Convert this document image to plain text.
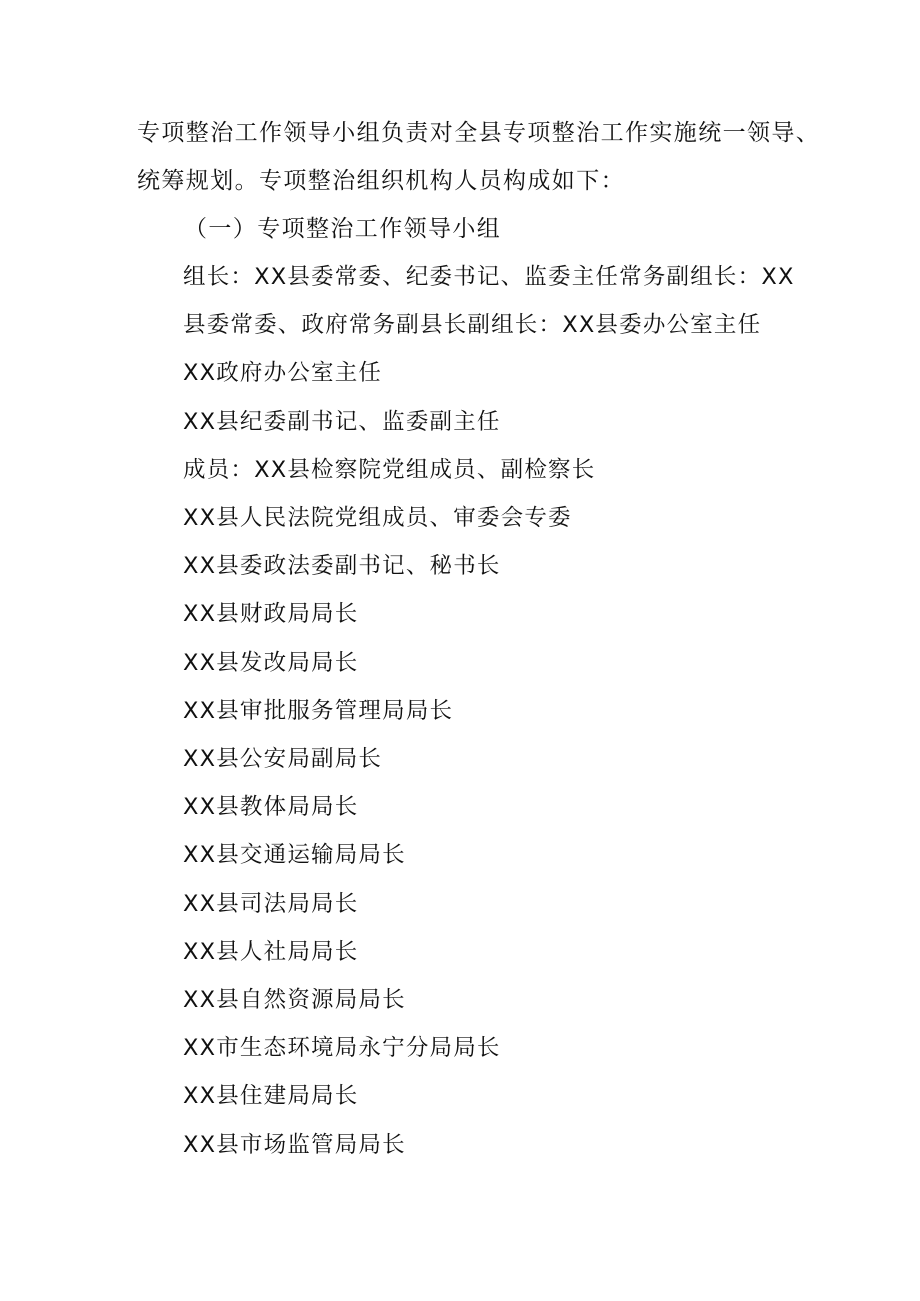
专项整治工作领导小组负责对全县专项整治工作实施统一领导、
统筹规划。专项整治组织机构人员构成如下：
（一）专项整治工作领导小组
组长：XX县委常委、纪委书记、监委主任常务副组长：XX
县委常委、政府常务副县长副组长：XX县委办公室主任
XX政府办公室主任
XX县纪委副书记、监委副主任
成员：XX县检察院党组成员、副检察长
XX县人民法院党组成员、审委会专委
XX县委政法委副书记、秘书长
XX县财政局局长
XX县发改局局长
XX县审批服务管理局局长
XX县公安局副局长
XX县教体局局长
XX县交通运输局局长
XX县司法局局长
XX县人社局局长
XX县自然资源局局长
XX市生态环境局永宁分局局长
XX县住建局局长
XX县市场监管局局长
